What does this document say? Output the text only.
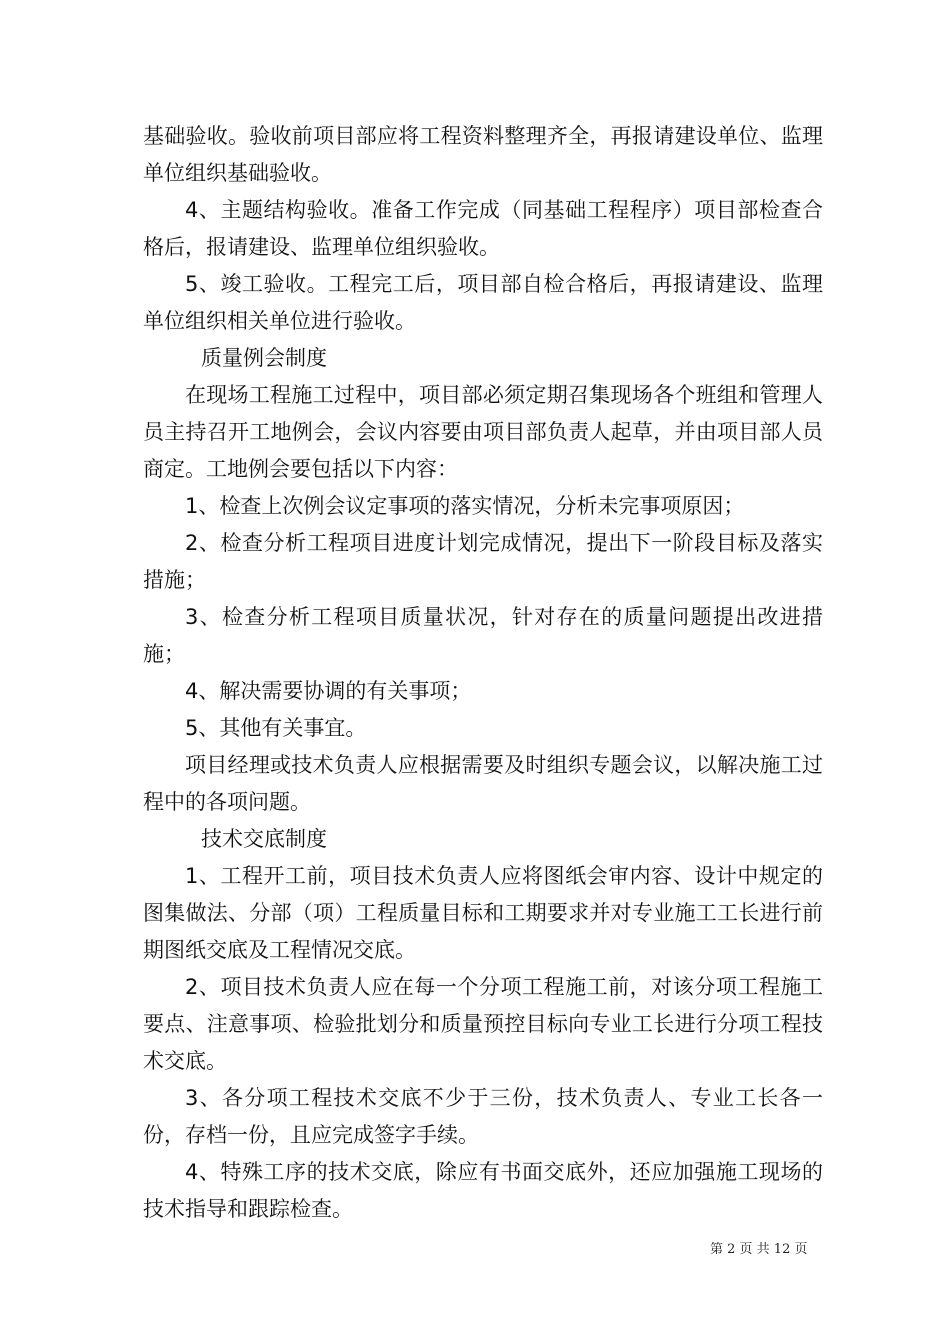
基础验收。验收前项目部应将工程资料整理齐全，再报请建设单位、监理单位组织基础验收。

4、主题结构验收。准备工作完成（同基础工程程序）项目部检查合格后，报请建设、监理单位组织验收。

5、竣工验收。工程完工后，项目部自检合格后，再报请建设、监理单位组织相关单位进行验收。

质量例会制度

在现场工程施工过程中，项目部必须定期召集现场各个班组和管理人员主持召开工地例会，会议内容要由项目部负责人起草，并由项目部人员商定。工地例会要包括以下内容：

1、检查上次例会议定事项的落实情况，分析未完事项原因；

2、检查分析工程项目进度计划完成情况，提出下一阶段目标及落实措施；

3、检查分析工程项目质量状况，针对存在的质量问题提出改进措施；

4、解决需要协调的有关事项；

5、其他有关事宜。

项目经理或技术负责人应根据需要及时组织专题会议，以解决施工过程中的各项问题。

技术交底制度

1、工程开工前，项目技术负责人应将图纸会审内容、设计中规定的图集做法、分部（项）工程质量目标和工期要求并对专业施工工长进行前期图纸交底及工程情况交底。

2、项目技术负责人应在每一个分项工程施工前，对该分项工程施工要点、注意事项、检验批划分和质量预控目标向专业工长进行分项工程技术交底。

3、各分项工程技术交底不少于三份，技术负责人、专业工长各一份，存档一份，且应完成签字手续。

4、特殊工序的技术交底，除应有书面交底外，还应加强施工现场的技术指导和跟踪检查。

第 2 页 共 12 页
